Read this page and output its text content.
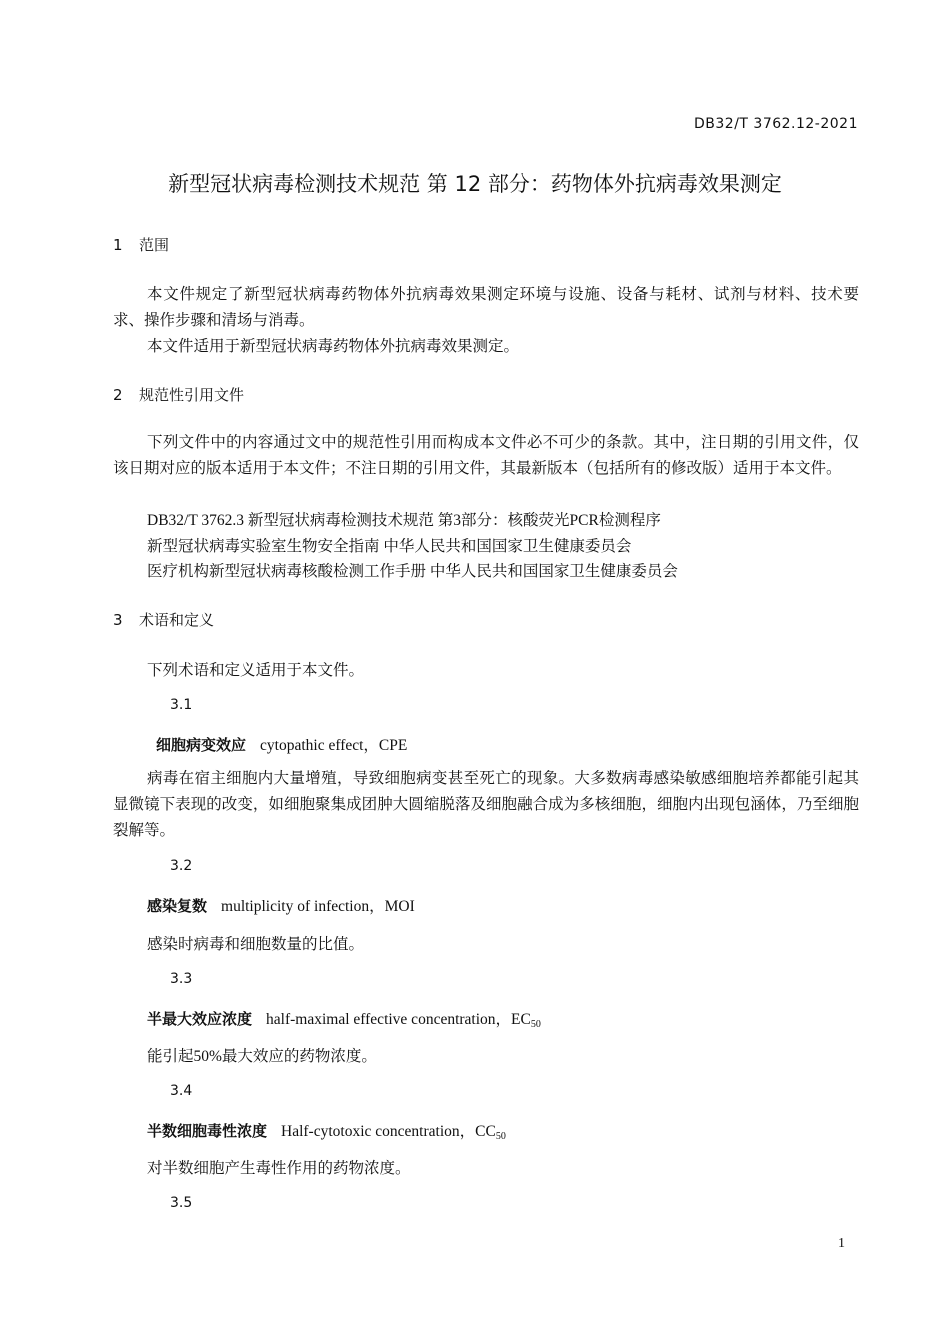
DB32/T 3762.12-2021
新型冠状病毒检测技术规范 第 12 部分：药物体外抗病毒效果测定
1 范围

本文件规定了新型冠状病毒药物体外抗病毒效果测定环境与设施、设备与耗材、试剂与材料、技术要求、操作步骤和清场与消毒。

本文件适用于新型冠状病毒药物体外抗病毒效果测定。

2 规范性引用文件

下列文件中的内容通过文中的规范性引用而构成本文件必不可少的条款。其中，注日期的引用文件，仅该日期对应的版本适用于本文件；不注日期的引用文件，其最新版本（包括所有的修改版）适用于本文件。

DB32/T 3762.3 新型冠状病毒检测技术规范 第3部分：核酸荧光PCR检测程序
新型冠状病毒实验室生物安全指南 中华人民共和国国家卫生健康委员会
医疗机构新型冠状病毒核酸检测工作手册 中华人民共和国国家卫生健康委员会
3 术语和定义
下列术语和定义适用于本文件。
3.1
细胞病变效应 cytopathic effect，CPE

病毒在宿主细胞内大量增殖，导致细胞病变甚至死亡的现象。大多数病毒感染敏感细胞培养都能引起其显微镜下表现的改变，如细胞聚集成团肿大圆缩脱落及细胞融合成为多核细胞，细胞内出现包涵体，乃至细胞裂解等。

3.2
感染复数 multiplicity of infection，MOI
感染时病毒和细胞数量的比值。
3.3
半最大效应浓度 half-maximal effective concentration，$EC_{50}$
能引起50%最大效应的药物浓度。
3.4
半数细胞毒性浓度 Half-cytotoxic concentration，$CC_{50}$
对半数细胞产生毒性作用的药物浓度。
3.5
1
